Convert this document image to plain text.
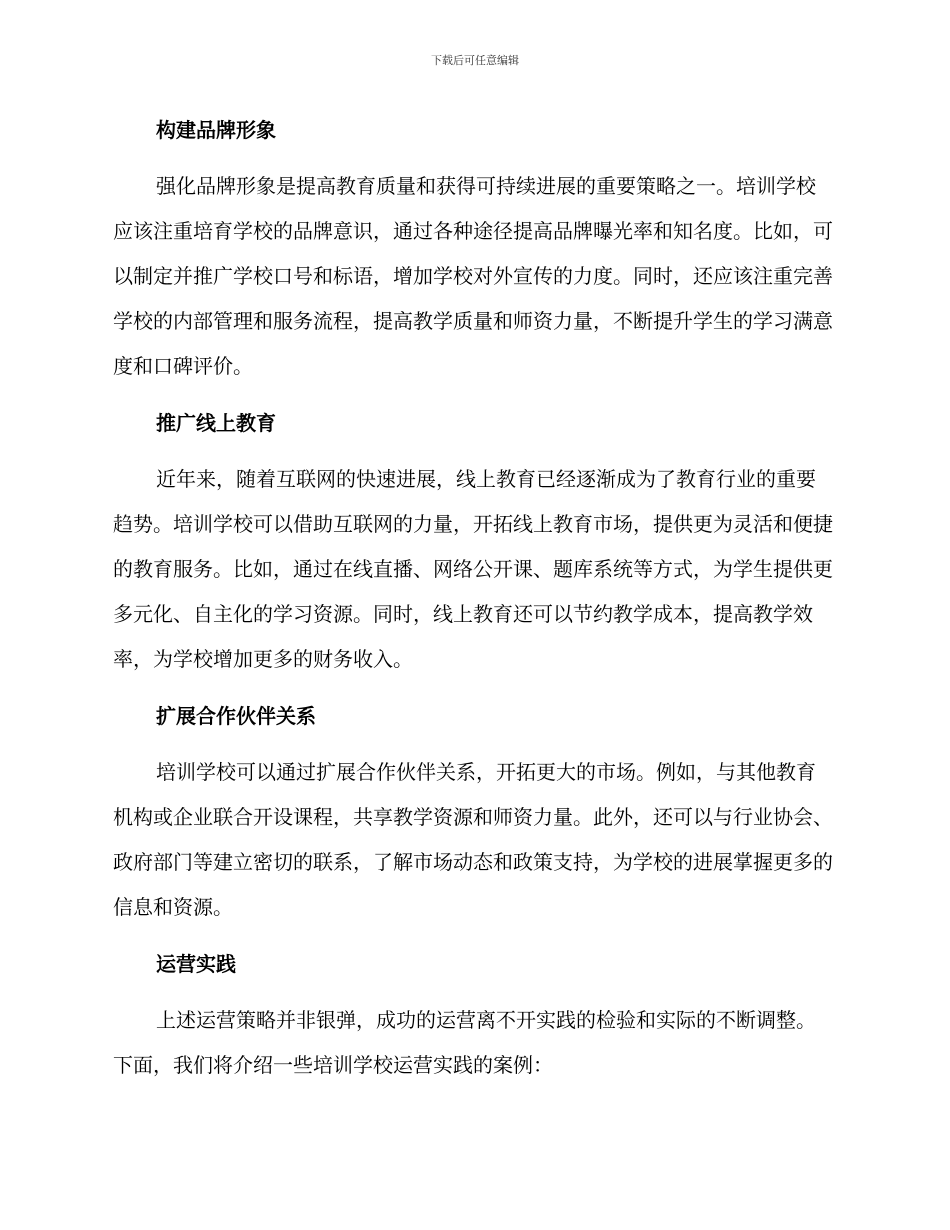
下载后可任意编辑
构建品牌形象

强化品牌形象是提高教育质量和获得可持续进展的重要策略之一。培训学校应该注重培育学校的品牌意识，通过各种途径提高品牌曝光率和知名度。比如，可以制定并推广学校口号和标语，增加学校对外宣传的力度。同时，还应该注重完善学校的内部管理和服务流程，提高教学质量和师资力量，不断提升学生的学习满意度和口碑评价。

推广线上教育

近年来，随着互联网的快速进展，线上教育已经逐渐成为了教育行业的重要趋势。培训学校可以借助互联网的力量，开拓线上教育市场，提供更为灵活和便捷的教育服务。比如，通过在线直播、网络公开课、题库系统等方式，为学生提供更多元化、自主化的学习资源。同时，线上教育还可以节约教学成本，提高教学效率，为学校增加更多的财务收入。

扩展合作伙伴关系

培训学校可以通过扩展合作伙伴关系，开拓更大的市场。例如，与其他教育机构或企业联合开设课程，共享教学资源和师资力量。此外，还可以与行业协会、政府部门等建立密切的联系，了解市场动态和政策支持，为学校的进展掌握更多的信息和资源。

运营实践

上述运营策略并非银弹，成功的运营离不开实践的检验和实际的不断调整。下面，我们将介绍一些培训学校运营实践的案例：
